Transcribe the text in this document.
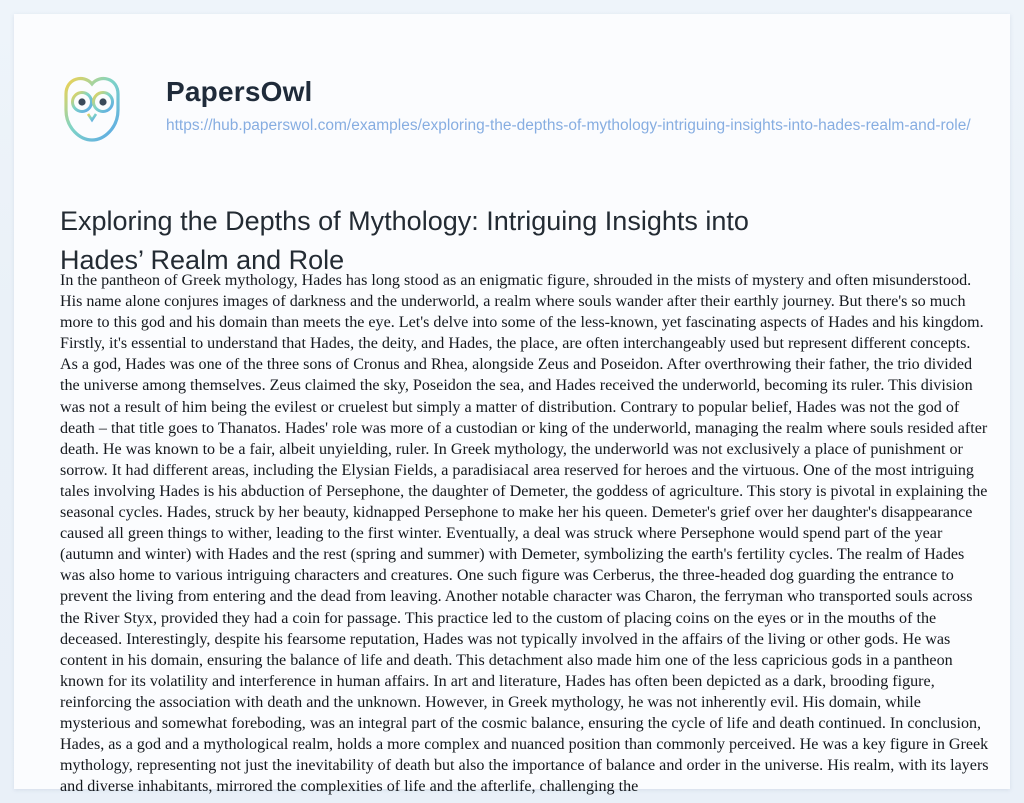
PapersOwl
https://hub.paperswol.com/examples/exploring-the-depths-of-mythology-intriguing-insights-into-hades-realm-and-role/
Exploring the Depths of Mythology: Intriguing Insights into Hades’ Realm and Role

In the pantheon of Greek mythology, Hades has long stood as an enigmatic figure, shrouded in the mists of mystery and often misunderstood. His name alone conjures images of darkness and the underworld, a realm where souls wander after their earthly journey. But there's so much more to this god and his domain than meets the eye. Let's delve into some of the less-known, yet fascinating aspects of Hades and his kingdom. Firstly, it's essential to understand that Hades, the deity, and Hades, the place, are often interchangeably used but represent different concepts. As a god, Hades was one of the three sons of Cronus and Rhea, alongside Zeus and Poseidon. After overthrowing their father, the trio divided the universe among themselves. Zeus claimed the sky, Poseidon the sea, and Hades received the underworld, becoming its ruler. This division was not a result of him being the evilest or cruelest but simply a matter of distribution. Contrary to popular belief, Hades was not the god of death – that title goes to Thanatos. Hades' role was more of a custodian or king of the underworld, managing the realm where souls resided after death. He was known to be a fair, albeit unyielding, ruler. In Greek mythology, the underworld was not exclusively a place of punishment or sorrow. It had different areas, including the Elysian Fields, a paradisiacal area reserved for heroes and the virtuous. One of the most intriguing tales involving Hades is his abduction of Persephone, the daughter of Demeter, the goddess of agriculture. This story is pivotal in explaining the seasonal cycles. Hades, struck by her beauty, kidnapped Persephone to make her his queen. Demeter's grief over her daughter's disappearance caused all green things to wither, leading to the first winter. Eventually, a deal was struck where Persephone would spend part of the year (autumn and winter) with Hades and the rest (spring and summer) with Demeter, symbolizing the earth's fertility cycles. The realm of Hades was also home to various intriguing characters and creatures. One such figure was Cerberus, the three-headed dog guarding the entrance to prevent the living from entering and the dead from leaving. Another notable character was Charon, the ferryman who transported souls across the River Styx, provided they had a coin for passage. This practice led to the custom of placing coins on the eyes or in the mouths of the deceased. Interestingly, despite his fearsome reputation, Hades was not typically involved in the affairs of the living or other gods. He was content in his domain, ensuring the balance of life and death. This detachment also made him one of the less capricious gods in a pantheon known for its volatility and interference in human affairs. In art and literature, Hades has often been depicted as a dark, brooding figure, reinforcing the association with death and the unknown. However, in Greek mythology, he was not inherently evil. His domain, while mysterious and somewhat foreboding, was an integral part of the cosmic balance, ensuring the cycle of life and death continued. In conclusion, Hades, as a god and a mythological realm, holds a more complex and nuanced position than commonly perceived. He was a key figure in Greek mythology, representing not just the inevitability of death but also the importance of balance and order in the universe. His realm, with its layers and diverse inhabitants, mirrored the complexities of life and the afterlife, challenging the
